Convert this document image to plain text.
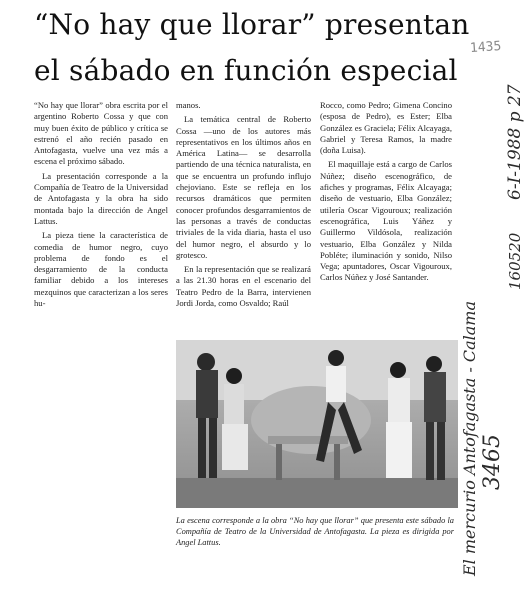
“No hay que llorar” presentan
el sábado en función especial
1435

“No hay que llorar” obra escrita por el argentino Roberto Cossa y que con muy buen éxito de público y crítica se estrenó el año recién pasado en Antofagasta, vuelve una vez más a escena el próximo sábado.

La presentación corresponde a la Compañía de Teatro de la Universidad de Antofagasta y la obra ha sido montada bajo la dirección de Angel Lattus.

La pieza tiene la característica de comedia de humor negro, cuyo problema de fondo es el desgarramiento de la conducta familiar debido a los intereses mezquinos que caracterizan a los seres hu-

manos.

La temática central de Roberto Cossa —uno de los autores más representativos en los últimos años en América Latina— se desarrolla partiendo de una técnica naturalista, en que se encuentra un profundo influjo chejoviano. Este se refleja en los recursos dramáticos que permiten conocer profundos desgarramientos de las personas a través de conductas triviales de la vida diaria, hasta el uso del humor negro, el absurdo y lo grotesco.

En la representación que se realizará a las 21.30 horas en el escenario del Teatro Pedro de la Barra, intervienen Jordi Jorda, como Osvaldo; Raúl

Rocco, como Pedro; Gimena Concino (esposa de Pedro), es Ester; Elba González es Graciela; Félix Alcayaga, Gabriel y Teresa Ramos, la madre (doña Luisa).

El maquillaje está a cargo de Carlos Núñez; diseño escenográfico, de afiches y programas, Félix Alcayaga; diseño de vestuario, Elba González; utilería Oscar Vigouroux; realización escenográfica, Luis Yáñez y Guillermo Vildósola, realización vestuario, Elba González y Nilda Pobléte; iluminación y sonido, Nilso Vega; apuntadores, Oscar Vigouroux, Carlos Núñez y José Santander.

La escena corresponde a la obra “No hay que llorar” que presenta este sábado la Compañía de Teatro de la Universidad de Antofagasta. La pieza es dirigida por Angel Lattus.	El mercurio Antofagasta - Calama 3465
6-I-1988 p 27
160520
